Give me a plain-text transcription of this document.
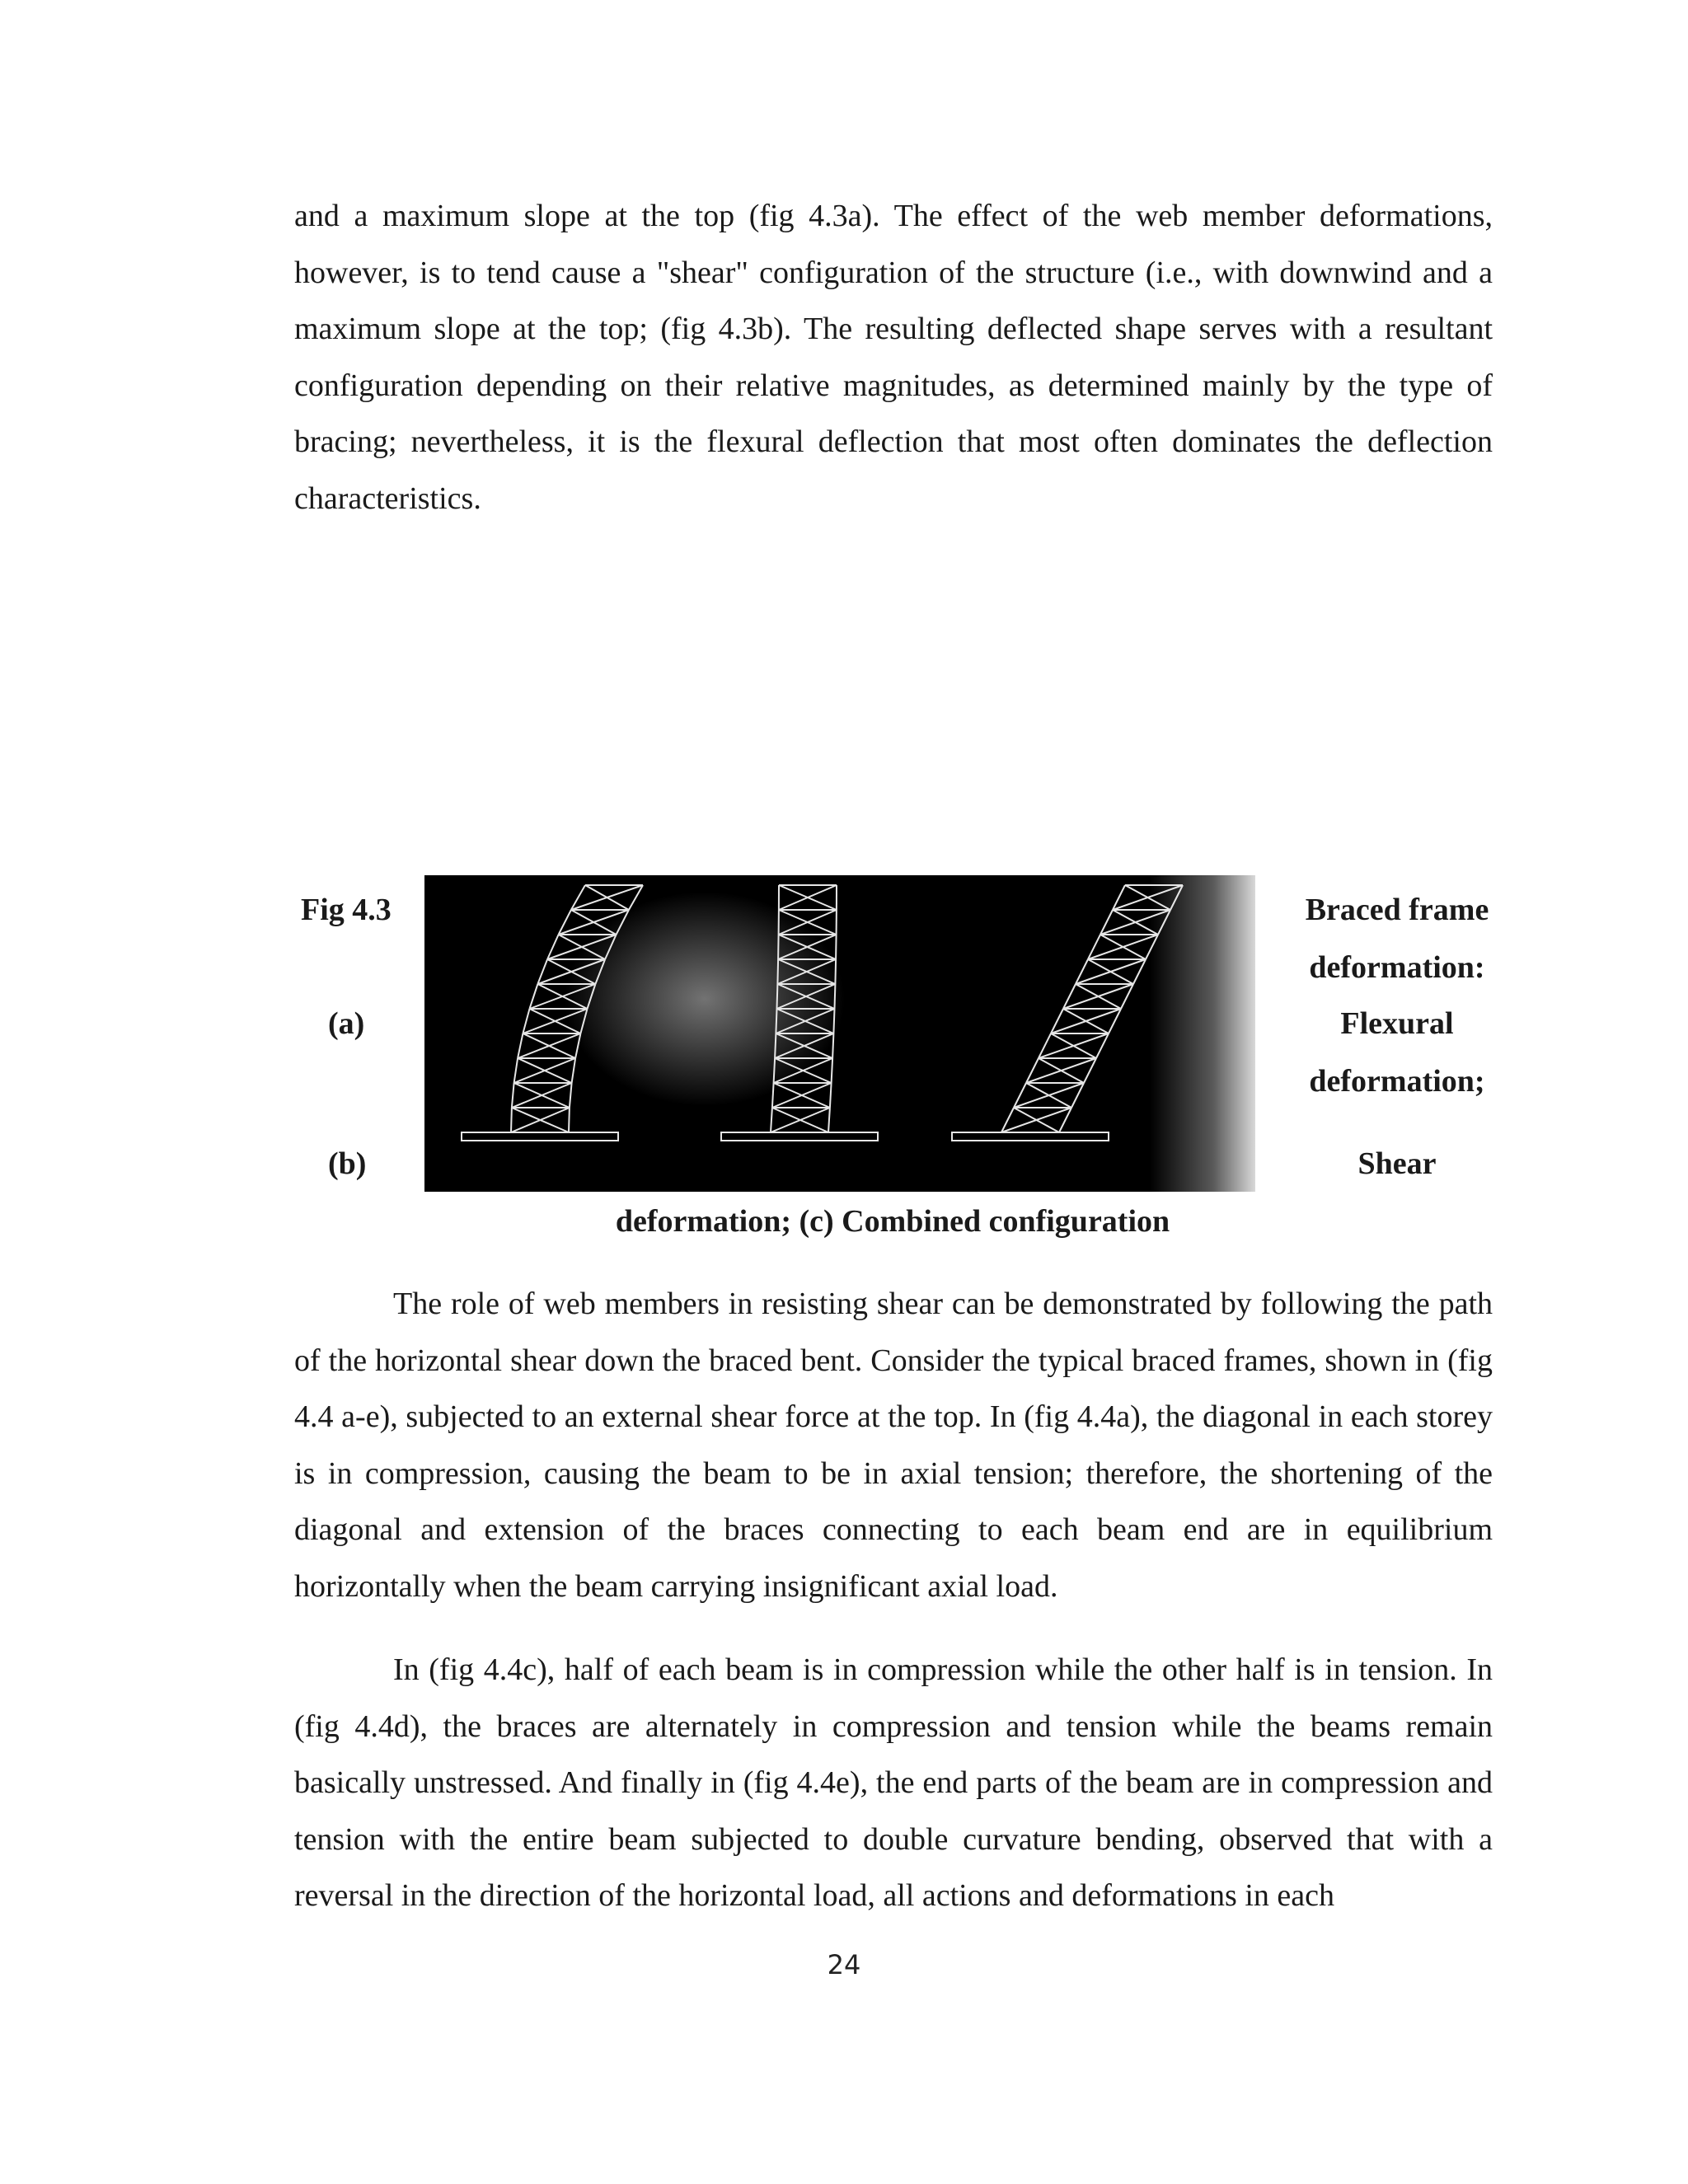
and a maximum slope at the top (fig 4.3a). The effect of the web member deformations, however, is to tend cause a "shear" configuration of the structure (i.e., with downwind and a maximum slope at the top; (fig 4.3b). The resulting deflected shape serves with a resultant configuration depending on their relative magnitudes, as determined mainly by the type of bracing; nevertheless, it is the flexural deflection that most often dominates the deflection characteristics.

Fig 4.3
(a)
(b)
Braced frame
deformation:
Flexural
deformation;
Shear
deformation; (c) Combined configuration

The role of web members in resisting shear can be demonstrated by following the path of the horizontal shear down the braced bent. Consider the typical braced frames, shown in (fig 4.4 a-e), subjected to an external shear force at the top. In (fig 4.4a), the diagonal in each storey is in compression, causing the beam to be in axial tension; therefore, the shortening of the diagonal and extension of the braces connecting to each beam end are in equilibrium horizontally when the beam carrying insignificant axial load.

In (fig 4.4c), half of each beam is in compression while the other half is in tension. In (fig 4.4d), the braces are alternately in compression and tension while the beams remain basically unstressed. And finally in (fig 4.4e), the end parts of the beam are in compression and tension with the entire beam subjected to double curvature bending, observed that with a reversal in the direction of the horizontal load, all actions and deformations in each

24
